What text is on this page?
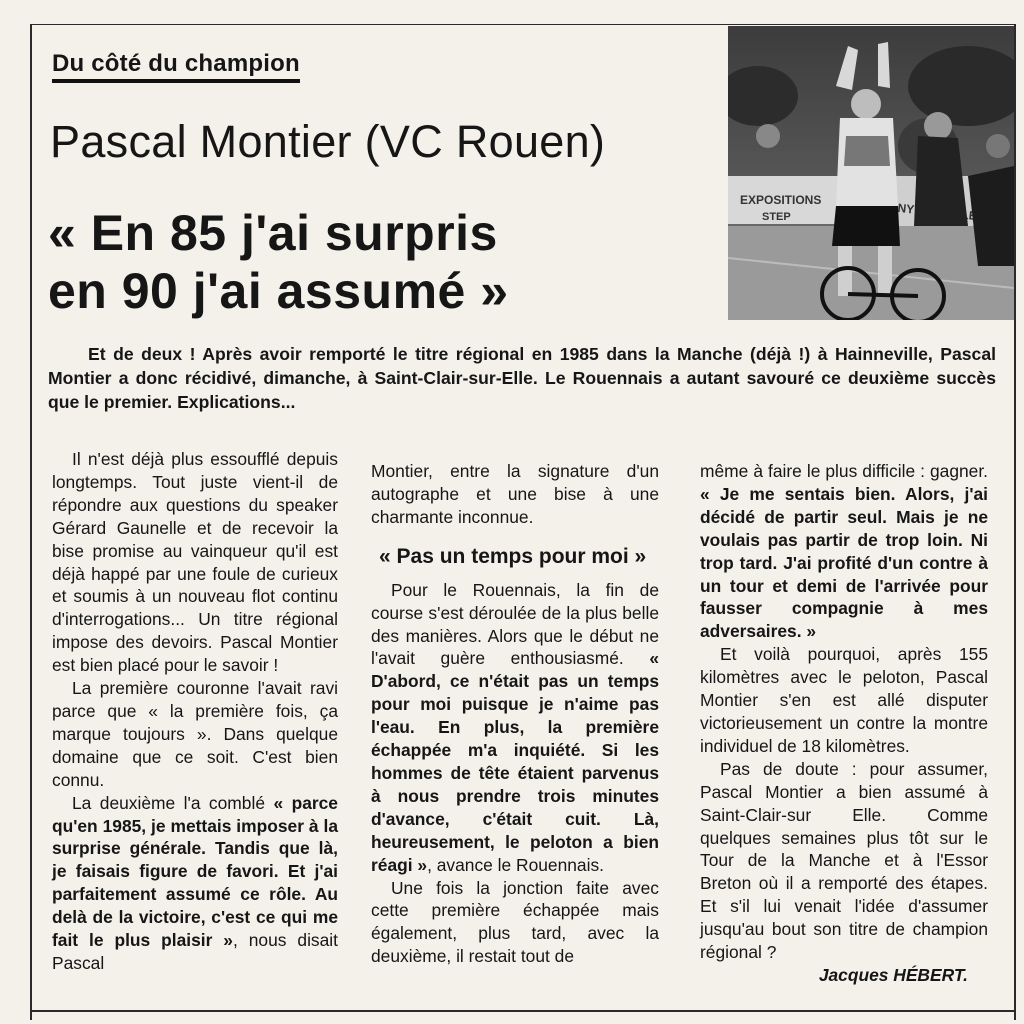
Du côté du champion
Pascal Montier (VC Rouen)
« En 85 j'ai surpris
en 90 j'ai assumé »
EXPOSITIONS
STEP

Et de deux ! Après avoir remporté le titre régional en 1985 dans la Manche (déjà !) à Hainneville, Pascal Montier a donc récidivé, dimanche, à Saint-Clair-sur-Elle. Le Rouennais a autant savouré ce deuxième succès que le premier. Explications...

Il n'est déjà plus essoufflé depuis longtemps. Tout juste vient-il de répondre aux questions du speaker Gérard Gaunelle et de recevoir la bise promise au vainqueur qu'il est déjà happé par une foule de curieux et soumis à un nouveau flot continu d'interrogations... Un titre régional impose des devoirs. Pascal Montier est bien placé pour le savoir !

La première couronne l'avait ravi parce que « la première fois, ça marque toujours ». Dans quelque domaine que ce soit. C'est bien connu.

La deuxième l'a comblé « parce qu'en 1985, je mettais imposer à la surprise générale. Tandis que là, je faisais figure de favori. Et j'ai parfaitement assumé ce rôle. Au delà de la victoire, c'est ce qui me fait le plus plaisir », nous disait Pascal

Montier, entre la signature d'un autographe et une bise à une charmante inconnue.

« Pas un temps pour moi »

Pour le Rouennais, la fin de course s'est déroulée de la plus belle des manières. Alors que le début ne l'avait guère enthousiasmé. « D'abord, ce n'était pas un temps pour moi puisque je n'aime pas l'eau. En plus, la première échappée m'a inquiété. Si les hommes de tête étaient parvenus à nous prendre trois minutes d'avance, c'était cuit. Là, heureusement, le peloton a bien réagi », avance le Rouennais.

Une fois la jonction faite avec cette première échappée mais également, plus tard, avec la deuxième, il restait tout de

même à faire le plus difficile : gagner. « Je me sentais bien. Alors, j'ai décidé de partir seul. Mais je ne voulais pas partir de trop loin. Ni trop tard. J'ai profité d'un contre à un tour et demi de l'arrivée pour fausser compagnie à mes adversaires. »

Et voilà pourquoi, après 155 kilomètres avec le peloton, Pascal Montier s'en est allé disputer victorieusement un contre la montre individuel de 18 kilomètres.

Pas de doute : pour assumer, Pascal Montier a bien assumé à Saint-Clair-sur Elle. Comme quelques semaines plus tôt sur le Tour de la Manche et à l'Essor Breton où il a remporté des étapes. Et s'il lui venait l'idée d'assumer jusqu'au bout son titre de champion régional ?

Jacques HÉBERT.
